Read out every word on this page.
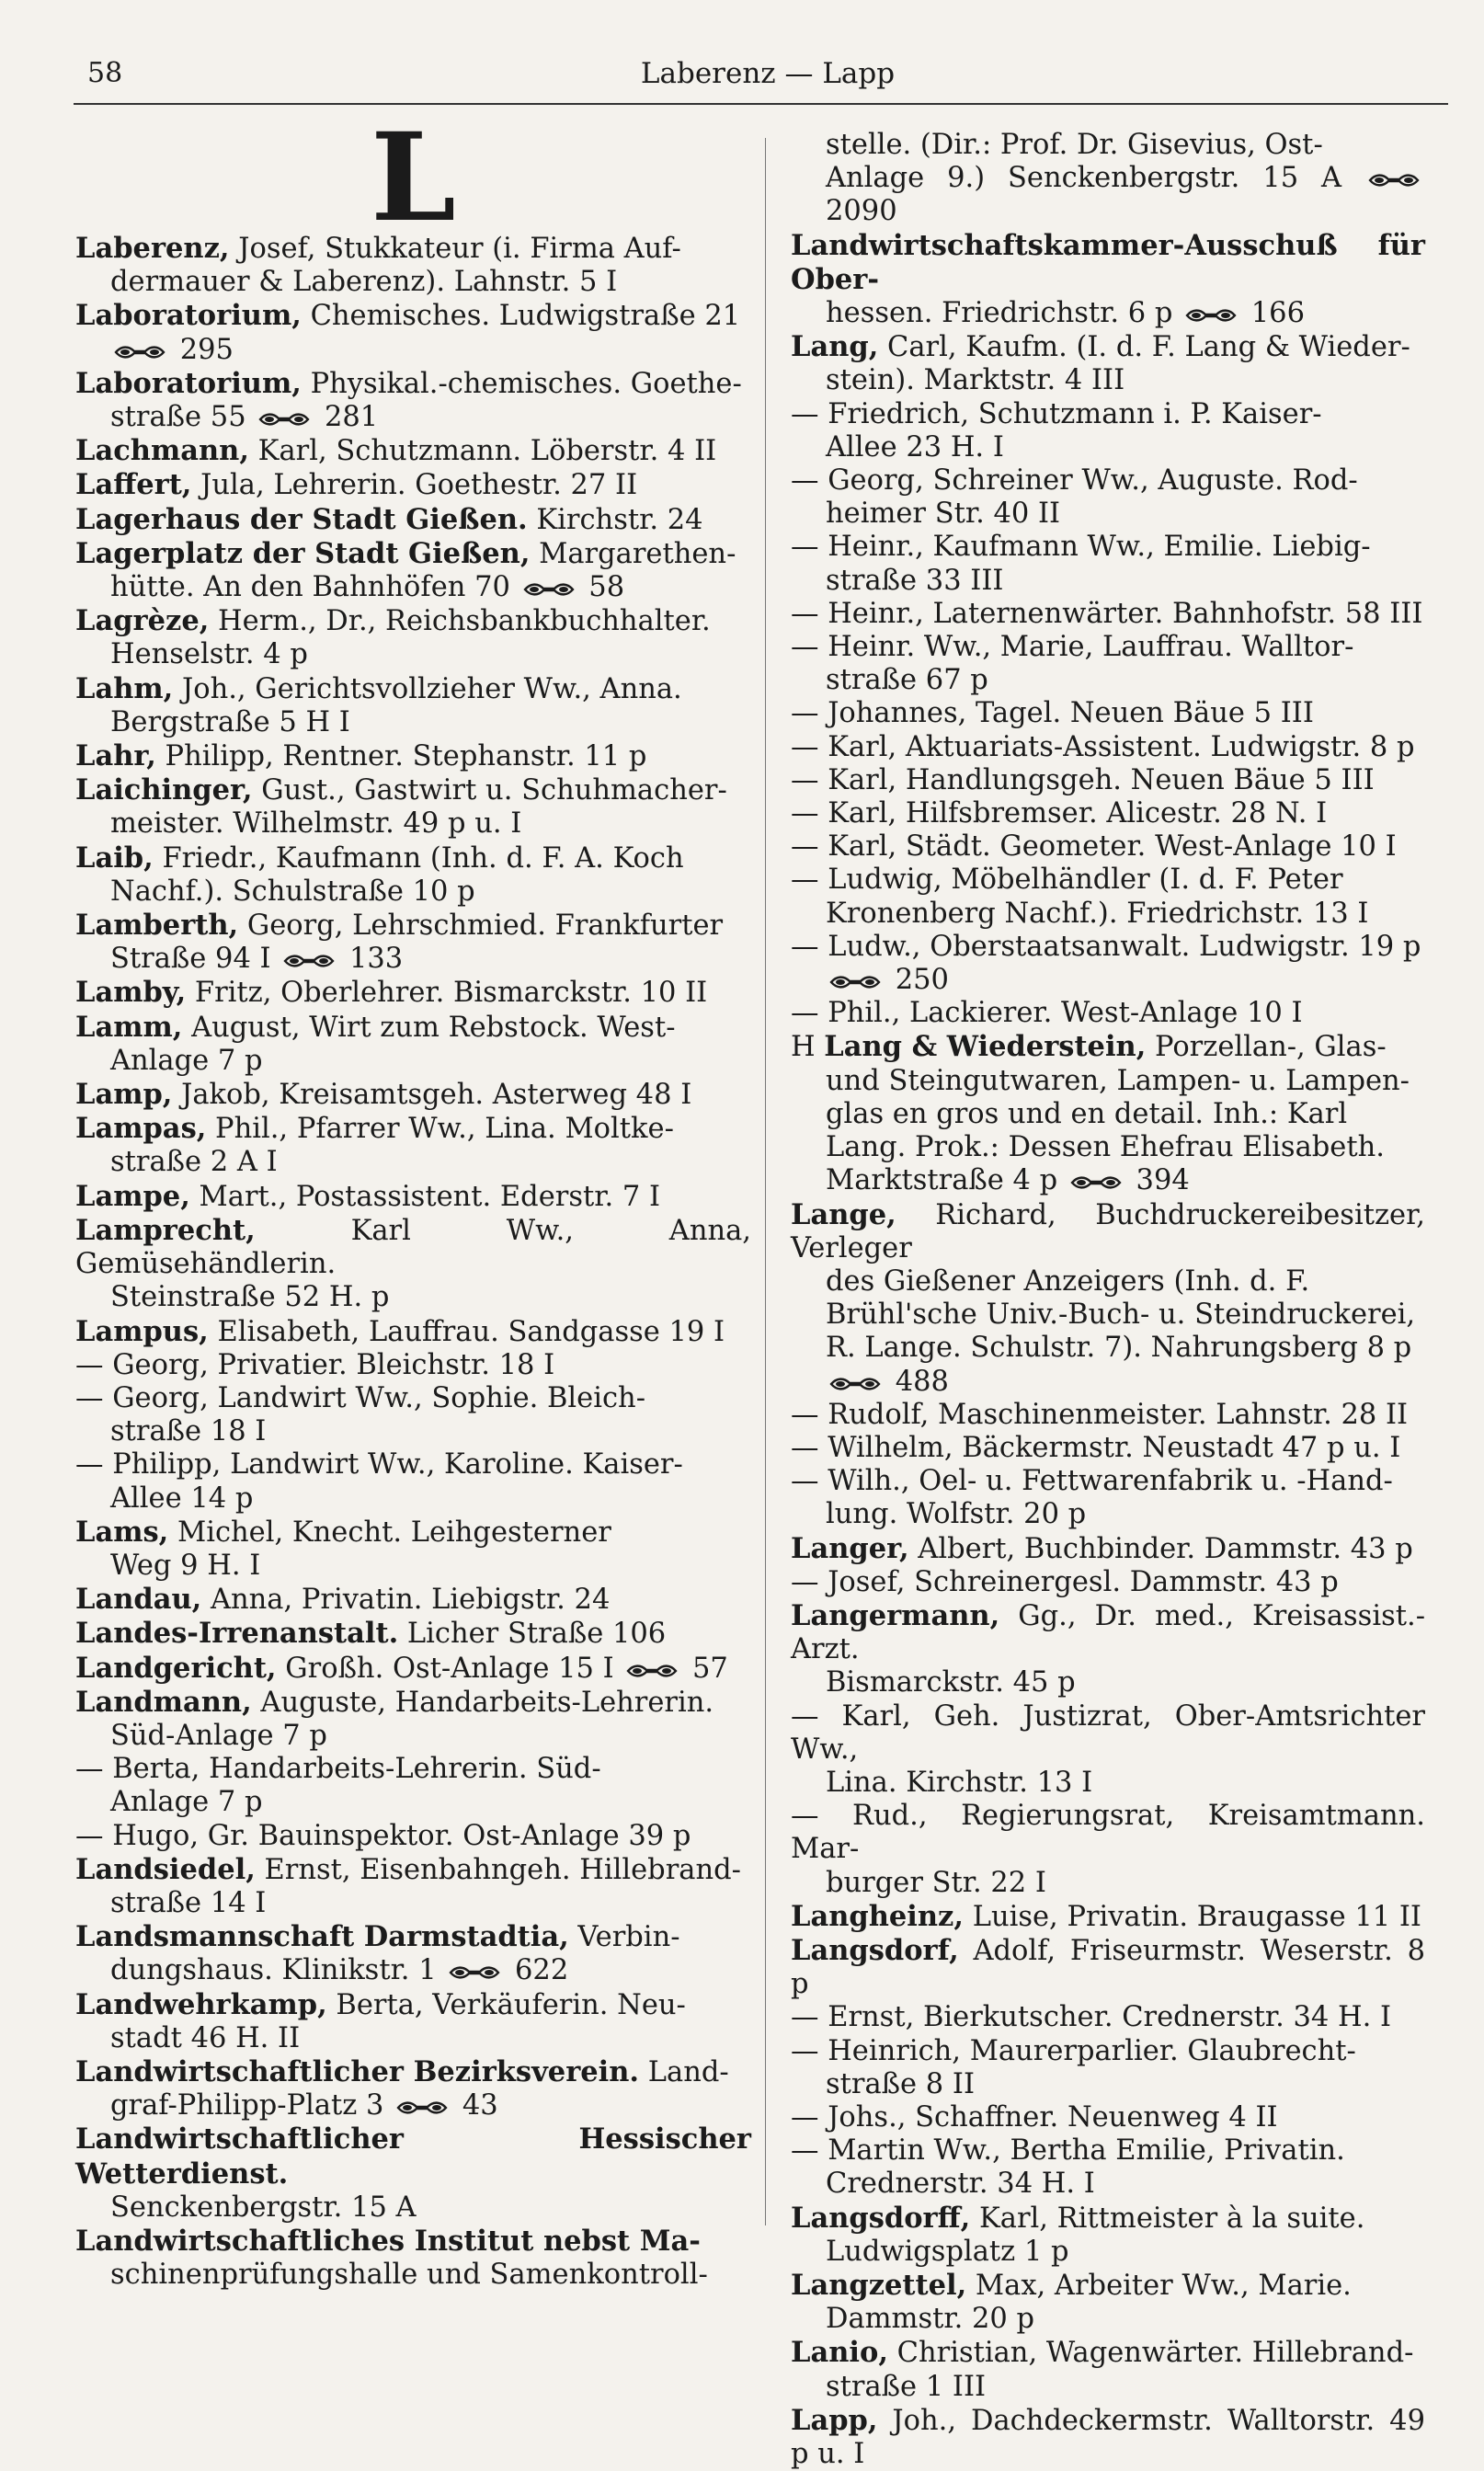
58	Laberenz — Lapp
L

Laberenz, Josef, Stukkateur (i. Firma Auf-
dermauer & Laberenz). Lahnstr. 5 I

Laboratorium, Chemisches. Ludwigstraße 21
295

Laboratorium, Physikal.-chemisches. Goethe-
straße 55
281

Lachmann, Karl, Schutzmann. Löberstr. 4 II

Laffert, Jula, Lehrerin. Goethestr. 27 II

Lagerhaus der Stadt Gießen. Kirchstr. 24

Lagerplatz der Stadt Gießen, Margarethen-
hütte. An den Bahnhöfen 70
58

Lagrèze, Herm., Dr., Reichsbankbuchhalter.
Henselstr. 4 p

Lahm, Joh., Gerichtsvollzieher Ww., Anna.
Bergstraße 5 H I

Lahr, Philipp, Rentner. Stephanstr. 11 p

Laichinger, Gust., Gastwirt u. Schuhmacher-
meister. Wilhelmstr. 49 p u. I

Laib, Friedr., Kaufmann (Inh. d. F. A. Koch
Nachf.). Schulstraße 10 p

Lamberth, Georg, Lehrschmied. Frankfurter
Straße 94 I
133

Lamby, Fritz, Oberlehrer. Bismarckstr. 10 II

Lamm, August, Wirt zum Rebstock. West-
Anlage 7 p

Lamp, Jakob, Kreisamtsgeh. Asterweg 48 I

Lampas, Phil., Pfarrer Ww., Lina. Moltke-
straße 2 A I

Lampe, Mart., Postassistent. Ederstr. 7 I

Lamprecht, Karl Ww., Anna, Gemüsehändlerin.
Steinstraße 52 H. p

Lampus, Elisabeth, Lauffrau. Sandgasse 19 I

— Georg, Privatier. Bleichstr. 18 I

— Georg, Landwirt Ww., Sophie. Bleich-
straße 18 I

— Philipp, Landwirt Ww., Karoline. Kaiser-
Allee 14 p

Lams, Michel, Knecht. Leihgesterner
Weg 9 H. I

Landau, Anna, Privatin. Liebigstr. 24

Landes-Irrenanstalt. Licher Straße 106

Landgericht, Großh. Ost-Anlage 15 I
57

Landmann, Auguste, Handarbeits-Lehrerin.
Süd-Anlage 7 p

— Berta, Handarbeits-Lehrerin. Süd-
Anlage 7 p

— Hugo, Gr. Bauinspektor. Ost-Anlage 39 p

Landsiedel, Ernst, Eisenbahngeh. Hillebrand-
straße 14 I

Landsmannschaft Darmstadtia, Verbin-
dungshaus. Klinikstr. 1
622

Landwehrkamp, Berta, Verkäuferin. Neu-
stadt 46 H. II

Landwirtschaftlicher Bezirksverein. Land-
graf-Philipp-Platz 3
43

Landwirtschaftlicher Hessischer Wetterdienst.
Senckenbergstr. 15 A

Landwirtschaftliches Institut nebst Ma-
schinenprüfungshalle und Samenkontroll-

stelle. (Dir.: Prof. Dr. Gisevius, Ost-
Anlage 9.) Senckenbergstr. 15 A
2090

Landwirtschaftskammer-Ausschuß für Ober-
hessen. Friedrichstr. 6 p
166

Lang, Carl, Kaufm. (I. d. F. Lang & Wieder-
stein). Marktstr. 4 III

— Friedrich, Schutzmann i. P. Kaiser-
Allee 23 H. I

— Georg, Schreiner Ww., Auguste. Rod-
heimer Str. 40 II

— Heinr., Kaufmann Ww., Emilie. Liebig-
straße 33 III

— Heinr., Laternenwärter. Bahnhofstr. 58 III

— Heinr. Ww., Marie, Lauffrau. Walltor-
straße 67 p

— Johannes, Tagel. Neuen Bäue 5 III

— Karl, Aktuariats-Assistent. Ludwigstr. 8 p

— Karl, Handlungsgeh. Neuen Bäue 5 III

— Karl, Hilfsbremser. Alicestr. 28 N. I

— Karl, Städt. Geometer. West-Anlage 10 I

— Ludwig, Möbelhändler (I. d. F. Peter
Kronenberg Nachf.). Friedrichstr. 13 I

— Ludw., Oberstaatsanwalt. Ludwigstr. 19 p
250

— Phil., Lackierer. West-Anlage 10 I

H Lang & Wiederstein, Porzellan-, Glas-
und Steingutwaren, Lampen- u. Lampen-
glas en gros und en detail. Inh.: Karl
Lang. Prok.: Dessen Ehefrau Elisabeth.
Marktstraße 4 p
394

Lange, Richard, Buchdruckereibesitzer, Verleger
des Gießener Anzeigers (Inh. d. F.
Brühl'sche Univ.-Buch- u. Steindruckerei,
R. Lange. Schulstr. 7). Nahrungsberg 8 p
488

— Rudolf, Maschinenmeister. Lahnstr. 28 II

— Wilhelm, Bäckermstr. Neustadt 47 p u. I

— Wilh., Oel- u. Fettwarenfabrik u. -Hand-
lung. Wolfstr. 20 p

Langer, Albert, Buchbinder. Dammstr. 43 p

— Josef, Schreinergesl. Dammstr. 43 p

Langermann, Gg., Dr. med., Kreisassist.-Arzt.
Bismarckstr. 45 p

— Karl, Geh. Justizrat, Ober-Amtsrichter Ww.,
Lina. Kirchstr. 13 I

— Rud., Regierungsrat, Kreisamtmann. Mar-
burger Str. 22 I

Langheinz, Luise, Privatin. Braugasse 11 II

Langsdorf, Adolf, Friseurmstr. Weserstr. 8 p

— Ernst, Bierkutscher. Crednerstr. 34 H. I

— Heinrich, Maurerparlier. Glaubrecht-
straße 8 II

— Johs., Schaffner. Neuenweg 4 II

— Martin Ww., Bertha Emilie, Privatin.
Crednerstr. 34 H. I

Langsdorff, Karl, Rittmeister à la suite.
Ludwigsplatz 1 p

Langzettel, Max, Arbeiter Ww., Marie.
Dammstr. 20 p

Lanio, Christian, Wagenwärter. Hillebrand-
straße 1 III

Lapp, Joh., Dachdeckermstr. Walltorstr. 49 p u. I
